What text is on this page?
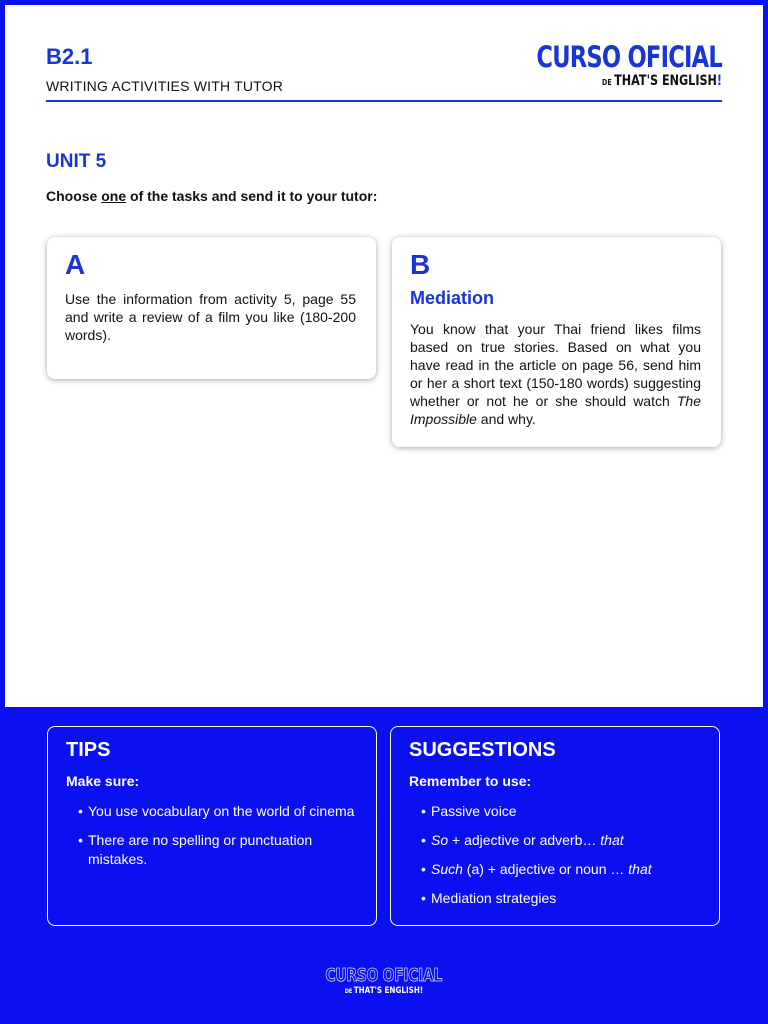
B2.1
WRITING ACTIVITIES WITH TUTOR
CURSO OFICIAL
DE THAT'S ENGLISH!
UNIT 5
Choose one of the tasks and send it to your tutor:
A
Use the information from activity 5, page 55 and write a review of a film you like (180-200 words).
B
Mediation
You know that your Thai friend likes films based on true stories. Based on what you have read in the article on page 56, send him or her a short text (150-180 words) suggesting whether or not he or she should watch The Impossible and why.
TIPS
Make sure:
• You use vocabulary on the world of cinema
• There are no spelling or punctuation mistakes.
SUGGESTIONS
Remember to use:
• Passive voice
• So + adjective or adverb… that
• Such (a) + adjective or noun … that
• Mediation strategies
CURSO OFICIAL
DE THAT'S ENGLISH!
